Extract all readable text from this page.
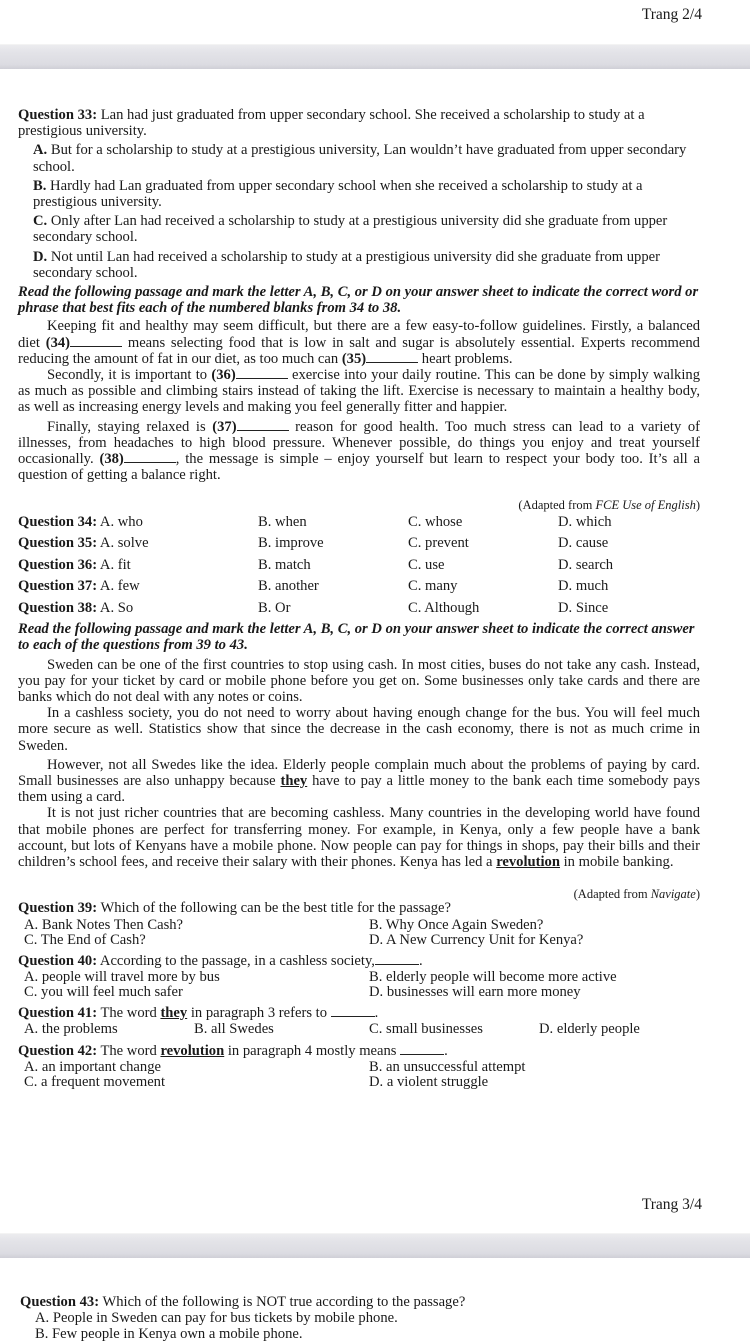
Trang 2/4
Question 33: Lan had just graduated from upper secondary school. She received a scholarship to study at a prestigious university.
A. But for a scholarship to study at a prestigious university, Lan wouldn’t have graduated from upper secondary school.
B. Hardly had Lan graduated from upper secondary school when she received a scholarship to study at a prestigious university.
C. Only after Lan had received a scholarship to study at a prestigious university did she graduate from upper secondary school.
D. Not until Lan had received a scholarship to study at a prestigious university did she graduate from upper secondary school.
Read the following passage and mark the letter A, B, C, or D on your answer sheet to indicate the correct word or phrase that best fits each of the numbered blanks from 34 to 38.
Keeping fit and healthy may seem difficult, but there are a few easy-to-follow guidelines. Firstly, a balanced diet (34)	means selecting food that is low in salt and sugar is absolutely essential. Experts recommend reducing the amount of fat in our diet, as too much can (35)	heart problems.
Secondly, it is important to (36)	exercise into your daily routine. This can be done by simply walking as much as possible and climbing stairs instead of taking the lift. Exercise is necessary to maintain a healthy body, as well as increasing energy levels and making you feel generally fitter and happier.
Finally, staying relaxed is (37)	reason for good health. Too much stress can lead to a variety of illnesses, from headaches to high blood pressure. Whenever possible, do things you enjoy and treat yourself occasionally. (38)	, the message is simple – enjoy yourself but learn to respect your body too. It’s all a question of getting a balance right.
(Adapted from FCE Use of English)
Question 34: A. who	B. when	C. whose	D. which
Question 35: A. solve	B. improve	C. prevent	D. cause
Question 36: A. fit	B. match	C. use	D. search
Question 37: A. few	B. another	C. many	D. much
Question 38: A. So	B. Or	C. Although	D. Since
Read the following passage and mark the letter A, B, C, or D on your answer sheet to indicate the correct answer to each of the questions from 39 to 43.
Sweden can be one of the first countries to stop using cash. In most cities, buses do not take any cash. Instead, you pay for your ticket by card or mobile phone before you get on. Some businesses only take cards and there are banks which do not deal with any notes or coins.
In a cashless society, you do not need to worry about having enough change for the bus. You will feel much more secure as well. Statistics show that since the decrease in the cash economy, there is not as much crime in Sweden.
However, not all Swedes like the idea. Elderly people complain much about the problems of paying by card. Small businesses are also unhappy because they have to pay a little money to the bank each time somebody pays them using a card.
It is not just richer countries that are becoming cashless. Many countries in the developing world have found that mobile phones are perfect for transferring money. For example, in Kenya, only a few people have a bank account, but lots of Kenyans have a mobile phone. Now people can pay for things in shops, pay their bills and their children’s school fees, and receive their salary with their phones. Kenya has led a revolution in mobile banking.
(Adapted from Navigate)
Question 39: Which of the following can be the best title for the passage?
A. Bank Notes Then Cash?	B. Why Once Again Sweden?
C. The End of Cash?	D. A New Currency Unit for Kenya?
Question 40: According to the passage, in a cashless society,	.
A. people will travel more by bus	B. elderly people will become more active
C. you will feel much safer	D. businesses will earn more money
Question 41: The word they in paragraph 3 refers to	.
A. the problems	B. all Swedes	C. small businesses	D. elderly people
Question 42: The word revolution in paragraph 4 mostly means	.
A. an important change	B. an unsuccessful attempt
C. a frequent movement	D. a violent struggle
Trang 3/4
Question 43: Which of the following is NOT true according to the passage?
A. People in Sweden can pay for bus tickets by mobile phone.
B. Few people in Kenya own a mobile phone.
